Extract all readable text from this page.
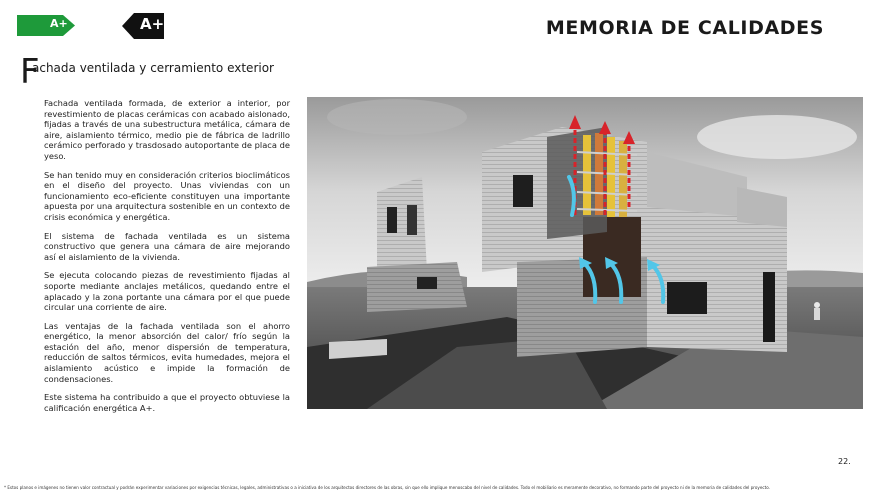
A+	A+	MEMORIA DE CALIDADES
F
achada ventilada y cerramiento exterior

Fachada ventilada formada, de exterior a interior, por revestimiento de placas cerámicas con acabado aislonado, fijadas a través de una subestructura metálica, cámara de aire, aislamiento térmico, medio pie de fábrica de ladrillo cerámico perforado y trasdosado autoportante de placa de yeso.

Se han tenido muy en consideración criterios bioclimáticos en el diseño del proyecto. Unas viviendas con un funcionamiento eco-eficiente constituyen una importante apuesta por una arquitectura sostenible en un contexto de crisis económica y energética.

El sistema de fachada ventilada es un sistema constructivo que genera una cámara de aire mejorando así el aislamiento de la vivienda.

Se ejecuta colocando piezas de revestimiento fijadas al soporte mediante anclajes metálicos, quedando entre el aplacado y la zona portante una cámara por el que puede circular una corriente de aire.

Las ventajas de la fachada ventilada son el ahorro energético, la menor absorción del calor/ frío según la estación del año, menor dispersión de temperatura, reducción de saltos térmicos, evita humedades, mejora el aislamiento acústico e impide la formación de condensaciones.

Este sistema ha contribuido a que el proyecto obtuviese la calificación energética A+.

22.
* Estos planos e imágenes no tienen valor contractual y podrán experimentar variaciones por exigencias técnicas, legales, administrativas o a iniciativa de los arquitectos directores de las obras, sin que ello implique menoscabo del nivel de calidades. Todo el mobiliario es meramente decorativo, no formando parte del proyecto ni de la memoria de calidades del proyecto.
